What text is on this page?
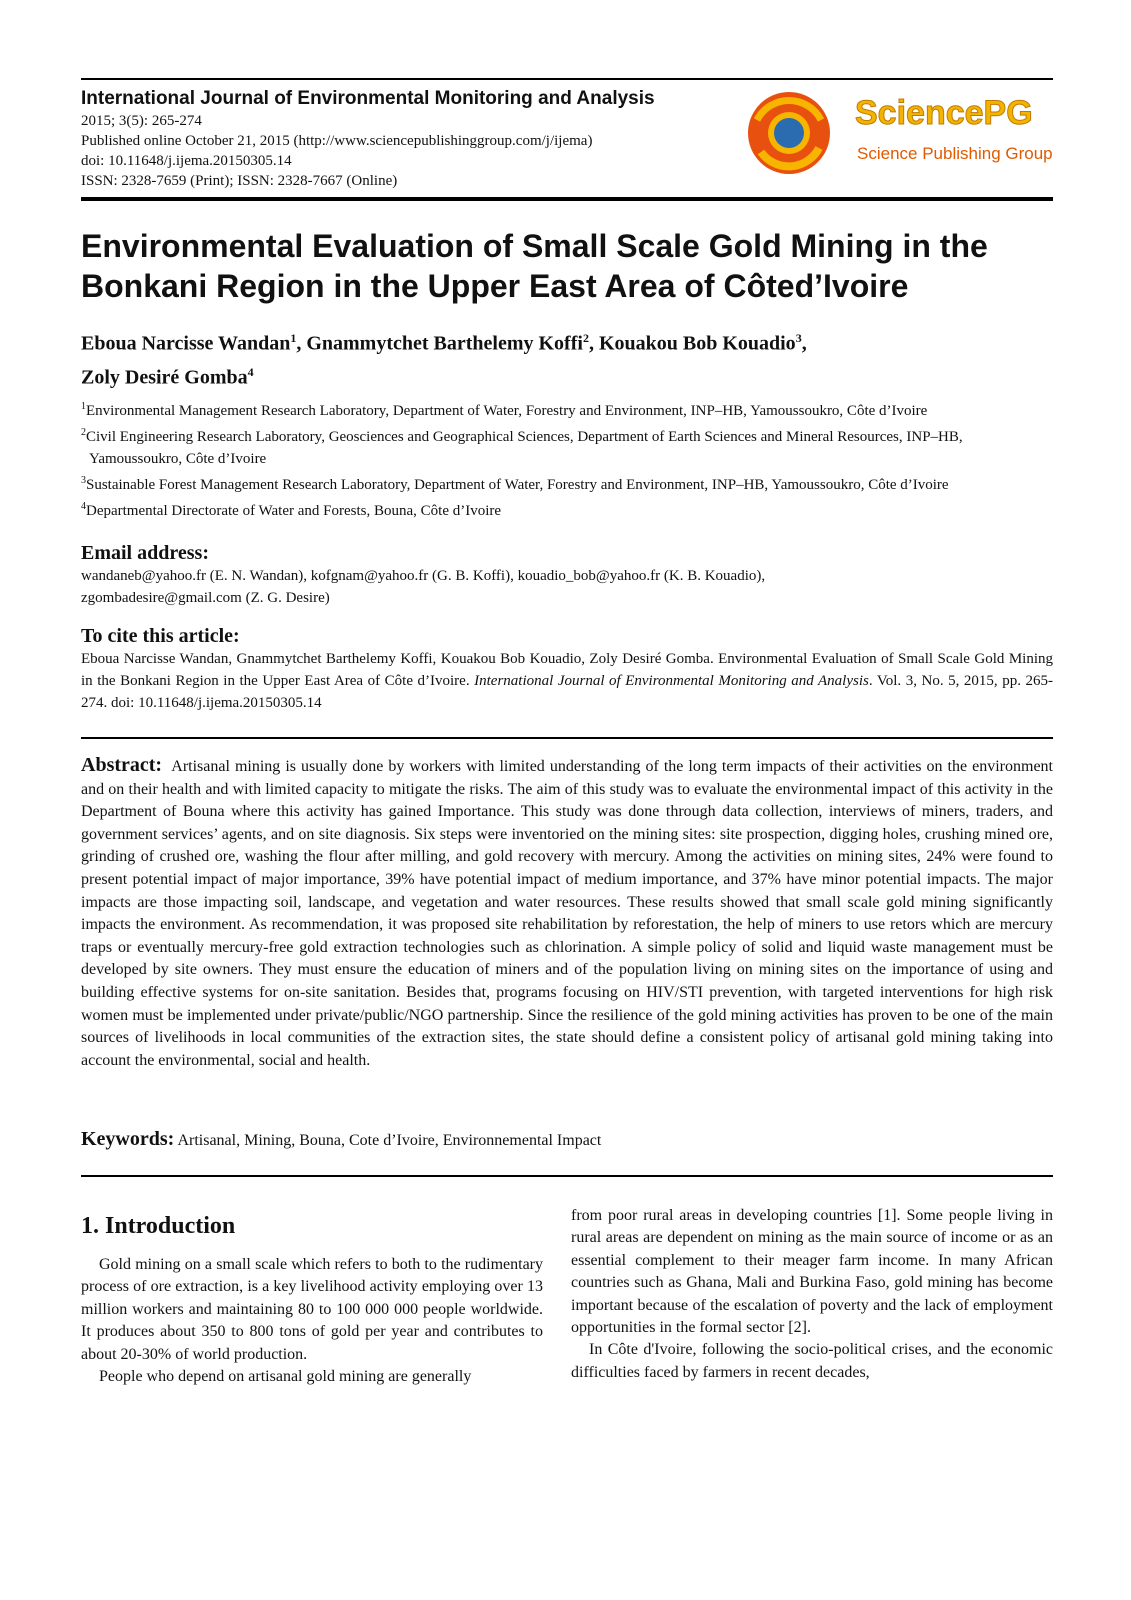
International Journal of Environmental Monitoring and Analysis

2015; 3(5): 265-274

Published online October 21, 2015 (http://www.sciencepublishinggroup.com/j/ijema)

doi: 10.11648/j.ijema.20150305.14

ISSN: 2328-7659 (Print); ISSN: 2328-7667 (Online)

SciencePG
Science Publishing Group
Environmental Evaluation of Small Scale Gold Mining in the
Bonkani Region in the Upper East Area of Côted’Ivoire

Eboua Narcisse Wandan$^1$, Gnammytchet Barthelemy Koffi$^2$, Kouakou Bob Kouadio$^3$,
Zoly Desiré Gomba$^4$

$^1$Environmental Management Research Laboratory, Department of Water, Forestry and Environment, INP–HB, Yamoussoukro, Côte d’Ivoire

$^2$Civil Engineering Research Laboratory, Geosciences and Geographical Sciences, Department of Earth Sciences and Mineral Resources, INP–HB, Yamoussoukro, Côte d’Ivoire

$^3$Sustainable Forest Management Research Laboratory, Department of Water, Forestry and Environment, INP–HB, Yamoussoukro, Côte d’Ivoire

$^4$Departmental Directorate of Water and Forests, Bouna, Côte d’Ivoire

Email address:

wandaneb@yahoo.fr (E. N. Wandan), kofgnam@yahoo.fr (G. B. Koffi), kouadio_bob@yahoo.fr (K. B. Kouadio),

zgombadesire@gmail.com (Z. G. Desire)

To cite this article:

Eboua Narcisse Wandan, Gnammytchet Barthelemy Koffi, Kouakou Bob Kouadio, Zoly Desiré Gomba. Environmental Evaluation of Small Scale Gold Mining in the Bonkani Region in the Upper East Area of Côte d’Ivoire. International Journal of Environmental Monitoring and Analysis. Vol. 3, No. 5, 2015, pp. 265-274. doi: 10.11648/j.ijema.20150305.14

Abstract: Artisanal mining is usually done by workers with limited understanding of the long term impacts of their activities on the environment and on their health and with limited capacity to mitigate the risks. The aim of this study was to evaluate the environmental impact of this activity in the Department of Bouna where this activity has gained Importance. This study was done through data collection, interviews of miners, traders, and government services’ agents, and on site diagnosis. Six steps were inventoried on the mining sites: site prospection, digging holes, crushing mined ore, grinding of crushed ore, washing the flour after milling, and gold recovery with mercury. Among the activities on mining sites, 24% were found to present potential impact of major importance, 39% have potential impact of medium importance, and 37% have minor potential impacts. The major impacts are those impacting soil, landscape, and vegetation and water resources. These results showed that small scale gold mining significantly impacts the environment. As recommendation, it was proposed site rehabilitation by reforestation, the help of miners to use retors which are mercury traps or eventually mercury-free gold extraction technologies such as chlorination. A simple policy of solid and liquid waste management must be developed by site owners. They must ensure the education of miners and of the population living on mining sites on the importance of using and building effective systems for on-site sanitation. Besides that, programs focusing on HIV/STI prevention, with targeted interventions for high risk women must be implemented under private/public/NGO partnership. Since the resilience of the gold mining activities has proven to be one of the main sources of livelihoods in local communities of the extraction sites, the state should define a consistent policy of artisanal gold mining taking into account the environmental, social and health.

Keywords: Artisanal, Mining, Bouna, Cote d’Ivoire, Environnemental Impact

1. Introduction

Gold mining on a small scale which refers to both to the rudimentary process of ore extraction, is a key livelihood activity employing over 13 million workers and maintaining 80 to 100 000 000 people worldwide. It produces about 350 to 800 tons of gold per year and contributes to about 20-30% of world production.

People who depend on artisanal gold mining are generally

from poor rural areas in developing countries [1]. Some people living in rural areas are dependent on mining as the main source of income or as an essential complement to their meager farm income. In many African countries such as Ghana, Mali and Burkina Faso, gold mining has become important because of the escalation of poverty and the lack of employment opportunities in the formal sector [2].

In Côte d'Ivoire, following the socio-political crises, and the economic difficulties faced by farmers in recent decades,
